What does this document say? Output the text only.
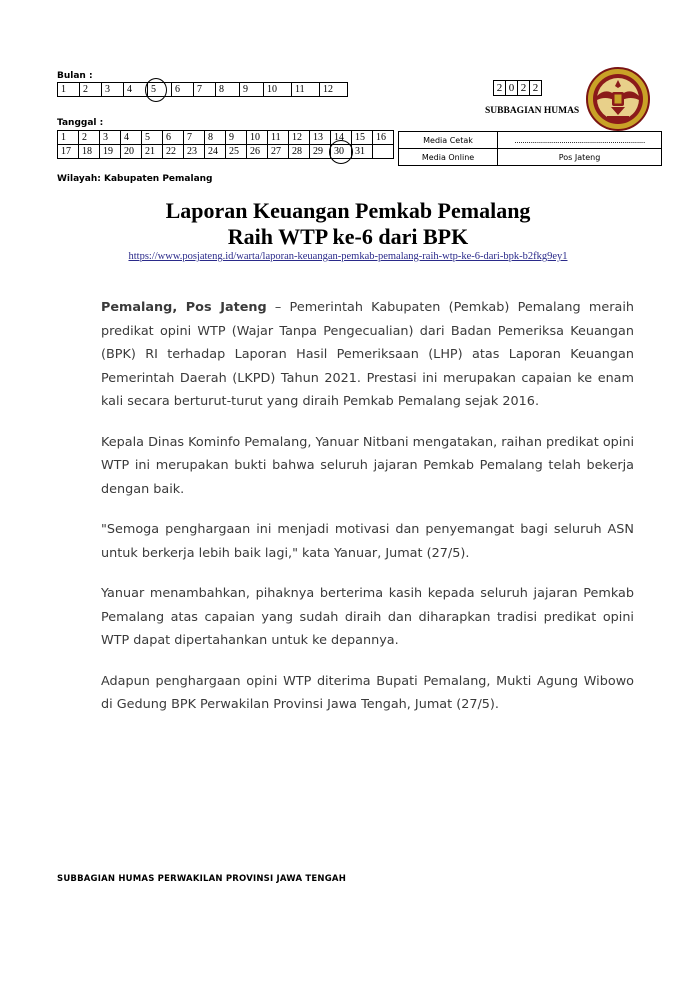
Bulan :
1	2	3	4	5	6	7	8	9	10	11	12
Tanggal :
1	2	3	4	5	6	7	8	9	10	11	12	13	14	15	16
17	18	19	20	21	22	23	24	25	26	27	28	29	30	31	
2	0	2	2
SUBBAGIAN HUMAS
Media Cetak	................................................................
Media Online	Pos Jateng
Wilayah: Kabupaten Pemalang
Laporan Keuangan Pemkab Pemalang
Raih WTP ke-6 dari BPK
https://www.posjateng.id/warta/laporan-keuangan-pemkab-pemalang-raih-wtp-ke-6-dari-bpk-b2fkg9ey1

Pemalang, Pos Jateng – Pemerintah Kabupaten (Pemkab) Pemalang meraih predikat opini WTP (Wajar Tanpa Pengecualian) dari Badan Pemeriksa Keuangan (BPK) RI terhadap Laporan Hasil Pemeriksaan (LHP) atas Laporan Keuangan Pemerintah Daerah (LKPD) Tahun 2021. Prestasi ini merupakan capaian ke enam kali secara berturut-turut yang diraih Pemkab Pemalang sejak 2016.

Kepala Dinas Kominfo Pemalang, Yanuar Nitbani mengatakan, raihan predikat opini WTP ini merupakan bukti bahwa seluruh jajaran Pemkab Pemalang telah bekerja dengan baik.

"Semoga penghargaan ini menjadi motivasi dan penyemangat bagi seluruh ASN untuk berkerja lebih baik lagi," kata Yanuar, Jumat (27/5).

Yanuar menambahkan, pihaknya berterima kasih kepada seluruh jajaran Pemkab Pemalang atas capaian yang sudah diraih dan diharapkan tradisi predikat opini WTP dapat dipertahankan untuk ke depannya.

Adapun penghargaan opini WTP diterima Bupati Pemalang, Mukti Agung Wibowo di Gedung BPK Perwakilan Provinsi Jawa Tengah, Jumat (27/5).

SUBBAGIAN HUMAS PERWAKILAN PROVINSI JAWA TENGAH
